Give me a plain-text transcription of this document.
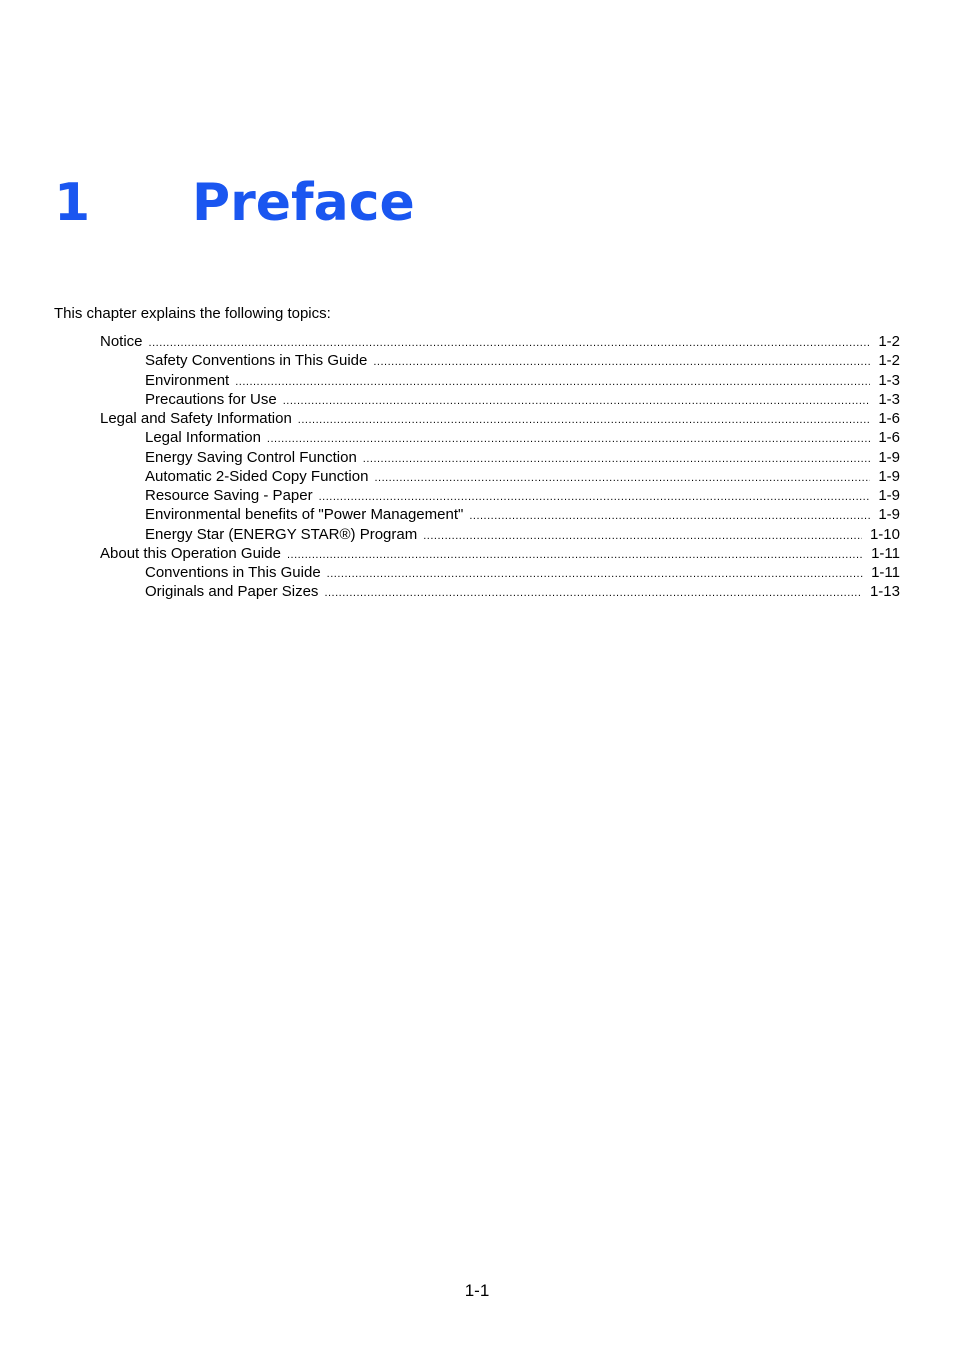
1 Preface
This chapter explains the following topics:
Notice .....	1-2
Safety Conventions in This Guide .....	1-2
Environment .....	1-3
Precautions for Use .....	1-3
Legal and Safety Information .....	1-6
Legal Information .....	1-6
Energy Saving Control Function .....	1-9
Automatic 2-Sided Copy Function .....	1-9
Resource Saving - Paper .....	1-9
Environmental benefits of "Power Management" .....	1-9
Energy Star (ENERGY STAR®) Program .....	1-10
About this Operation Guide .....	1-11
Conventions in This Guide .....	1-11
Originals and Paper Sizes .....	1-13
1-1
